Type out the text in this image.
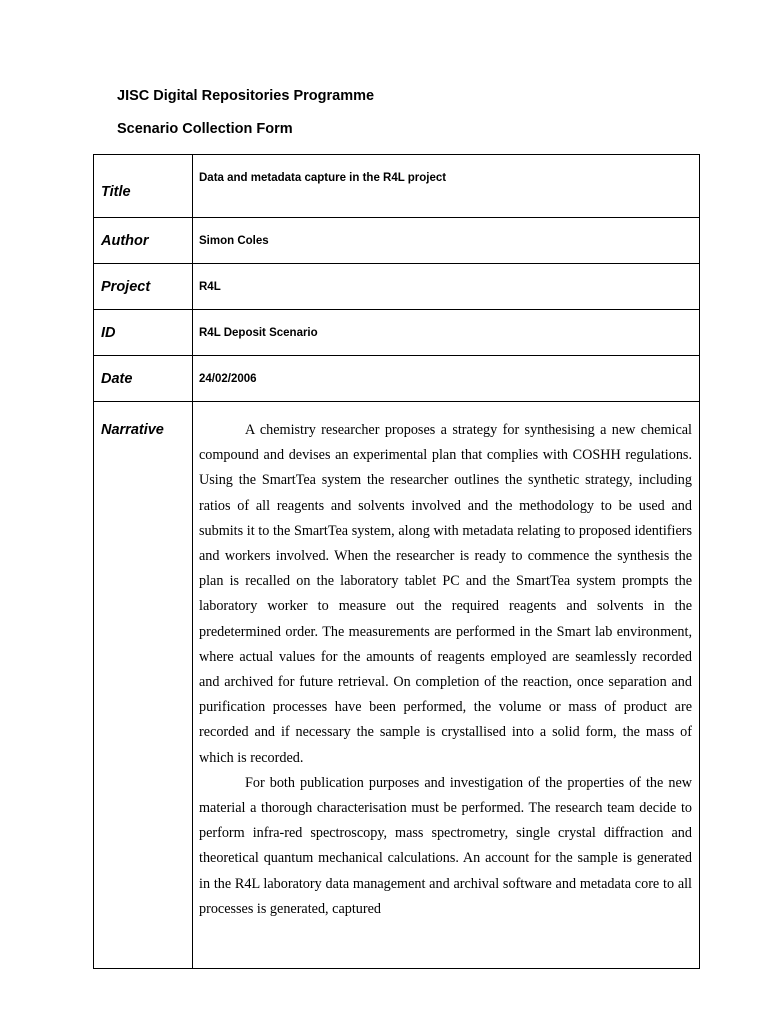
JISC Digital Repositories Programme
Scenario Collection Form
Title	Data and metadata capture in the R4L project
Author	Simon Coles
Project	R4L
ID	R4L Deposit Scenario
Date	24/02/2006
Narrative	A chemistry researcher proposes a strategy for synthesising a new chemical compound and devises an experimental plan that complies with COSHH regulations. Using the SmartTea system the researcher outlines the synthetic strategy, including ratios of all reagents and solvents involved and the methodology to be used and submits it to the SmartTea system, along with metadata relating to proposed identifiers and workers involved. When the researcher is ready to commence the synthesis the plan is recalled on the laboratory tablet PC and the SmartTea system prompts the laboratory worker to measure out the required reagents and solvents in the predetermined order. The measurements are performed in the Smart lab environment, where actual values for the amounts of reagents employed are seamlessly recorded and archived for future retrieval. On completion of the reaction, once separation and purification processes have been performed, the volume or mass of product are recorded and if necessary the sample is crystallised into a solid form, the mass of which is recorded.

For both publication purposes and investigation of the properties of the new material a thorough characterisation must be performed. The research team decide to perform infra-red spectroscopy, mass spectrometry, single crystal diffraction and theoretical quantum mechanical calculations. An account for the sample is generated in the R4L laboratory data management and archival software and metadata core to all processes is generated, captured
